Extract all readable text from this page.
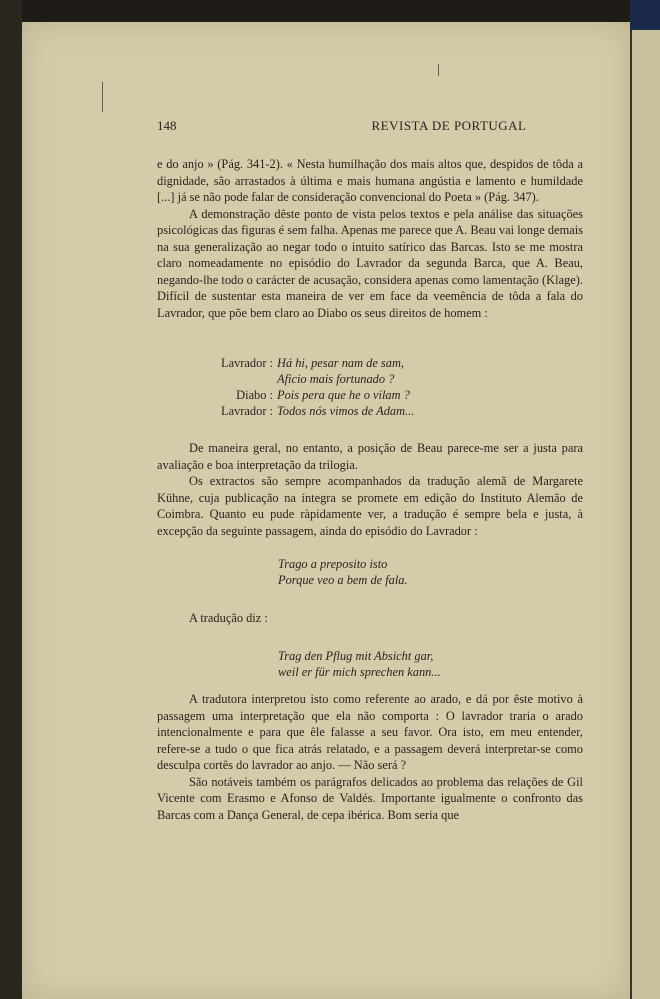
148	REVISTA DE PORTUGAL

e do anjo » (Pág. 341-2). « Nesta humilhação dos mais altos que, despidos de tôda a dignidade, são arrastados à última e mais humana angústia e lamento e humildade [...] já se não pode falar de consideração convencional do Poeta » (Pág. 347).

A demonstração dêste ponto de vista pelos textos e pela análise das situações psicológicas das figuras é sem falha. Apenas me parece que A. Beau vai longe demais na sua generalização ao negar todo o intuito satírico das Barcas. Isto se me mostra claro nomeadamente no episódio do Lavrador da segunda Barca, que A. Beau, negando-lhe todo o carácter de acusação, considera apenas como lamentação (Klage). Difícil de sustentar esta maneira de ver em face da veemência de tôda a fala do Lavrador, que põe bem claro ao Diabo os seus direitos de homem :

Lavrador : Há hi, pesar nam de sam,
Aficio mais fortunado ?
Diabo : Pois pera que he o vilam ?
Lavrador : Todos nós vimos de Adam...

De maneira geral, no entanto, a posição de Beau parece-me ser a justa para avaliação e boa interpretação da trilogia.

Os extractos são sempre acompanhados da tradução alemã de Margarete Kühne, cuja publicação na íntegra se promete em edição do Instituto Alemão de Coimbra. Quanto eu pude ràpidamente ver, a tradução é sempre bela e justa, à excepção da seguinte passagem, ainda do episódio do Lavrador :

Trago a preposito isto
Porque veo a bem de fala.
A tradução diz :
Trag den Pflug mit Absicht gar,
weil er für mich sprechen kann...

A tradutora interpretou isto como referente ao arado, e dá por êste motivo à passagem uma interpretação que ela não comporta : O lavrador traria o arado intencionalmente e para que êle falasse a seu favor. Ora isto, em meu entender, refere-se a tudo o que fica atrás relatado, e a passagem deverá interpretar-se como desculpa cortês do lavrador ao anjo. — Não será ?

São notáveis também os parágrafos delicados ao problema das relações de Gil Vicente com Erasmo e Afonso de Valdés. Importante igualmente o confronto das Barcas com a Dança General, de cepa ibérica. Bom seria que
